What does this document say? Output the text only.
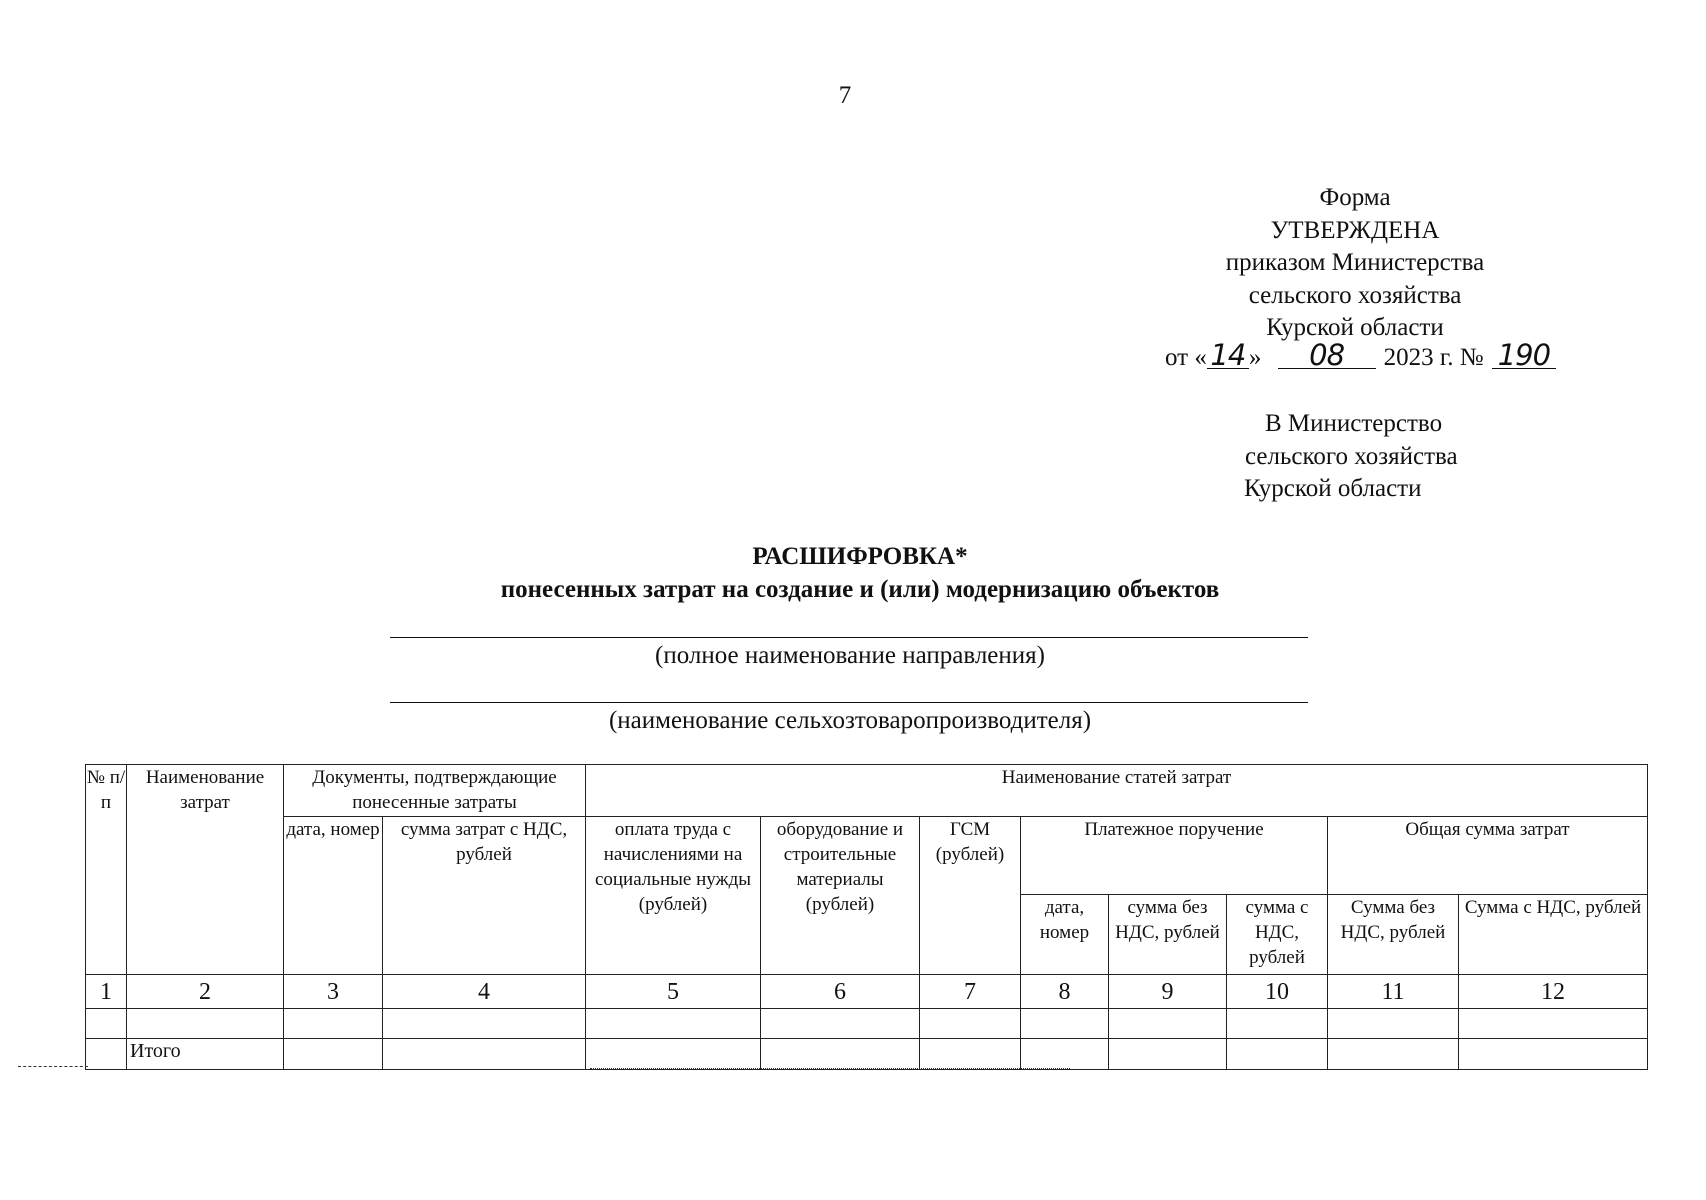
7
Форма
УТВЕРЖДЕНА
приказом Министерства
сельского хозяйства
Курской области
от « 14 » 08 2023 г. № 190
В Министерство
сельского хозяйства
Курской области
РАСШИФРОВКА*
понесенных затрат на создание и (или) модернизацию объектов
(полное наименование направления)
(наименование сельхозтоваропроизводителя)
№ п/п	Наименование затрат	Документы, подтверждающие понесенные затраты		Наименование статей затрат							
		дата, номер	сумма затрат с НДС, рублей	оплата труда с начислениями на социальные нужды (рублей)	оборудование и строительные материалы (рублей)	ГСМ (рублей)	Платежное поручение			Общая сумма затрат	
							дата, номер	сумма без НДС, рублей	сумма с НДС, рублей	Сумма без НДС, рублей	Сумма с НДС, рублей
1	2	3	4	5	6	7	8	9	10	11	12

	Итого										
